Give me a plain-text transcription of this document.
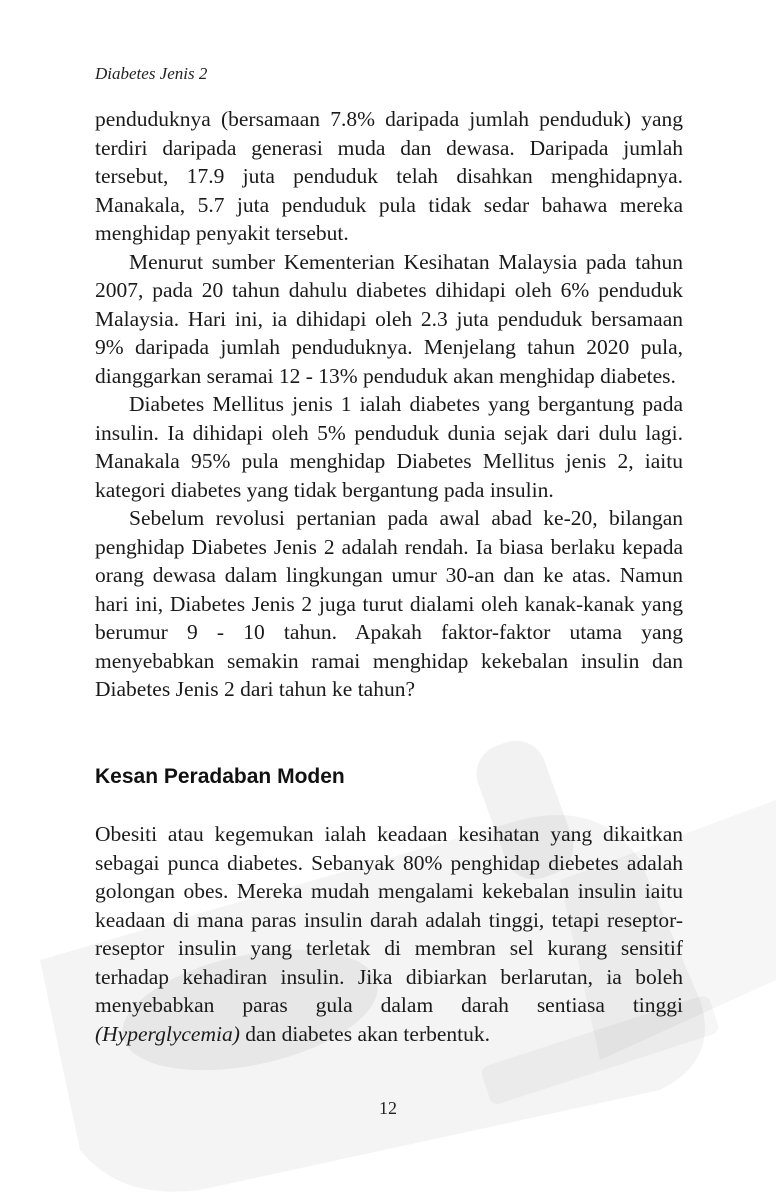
Diabetes Jenis 2

penduduknya (bersamaan 7.8% daripada jumlah penduduk) yang terdiri daripada generasi muda dan dewasa. Daripada jumlah tersebut, 17.9 juta penduduk telah disahkan menghidapnya. Manakala, 5.7 juta penduduk pula tidak sedar bahawa mereka menghidap penyakit tersebut.

Menurut sumber Kementerian Kesihatan Malaysia pada tahun 2007, pada 20 tahun dahulu diabetes dihidapi oleh 6% penduduk Malaysia. Hari ini, ia dihidapi oleh 2.3 juta penduduk bersamaan 9% daripada jumlah penduduknya. Menjelang tahun 2020 pula, dianggarkan seramai 12 - 13% penduduk akan menghidap diabetes.

Diabetes Mellitus jenis 1 ialah diabetes yang bergantung pada insulin. Ia dihidapi oleh 5% penduduk dunia sejak dari dulu lagi. Manakala 95% pula menghidap Diabetes Mellitus jenis 2, iaitu kategori diabetes yang tidak bergantung pada insulin.

Sebelum revolusi pertanian pada awal abad ke-20, bilangan penghidap Diabetes Jenis 2 adalah rendah. Ia biasa berlaku kepada orang dewasa dalam lingkungan umur 30-an dan ke atas. Namun hari ini, Diabetes Jenis 2 juga turut dialami oleh kanak-kanak yang berumur 9 - 10 tahun. Apakah faktor-faktor utama yang menyebabkan semakin ramai menghidap kekebalan insulin dan Diabetes Jenis 2 dari tahun ke tahun?

Kesan Peradaban Moden

Obesiti atau kegemukan ialah keadaan kesihatan yang dikaitkan sebagai punca diabetes. Sebanyak 80% penghidap diebetes adalah golongan obes. Mereka mudah mengalami kekebalan insulin iaitu keadaan di mana paras insulin darah adalah tinggi, tetapi reseptor-reseptor insulin yang terletak di membran sel kurang sensitif terhadap kehadiran insulin. Jika dibiarkan berlarutan, ia boleh menyebabkan paras gula dalam darah sentiasa tinggi (Hyperglycemia) dan diabetes akan terbentuk.

12
